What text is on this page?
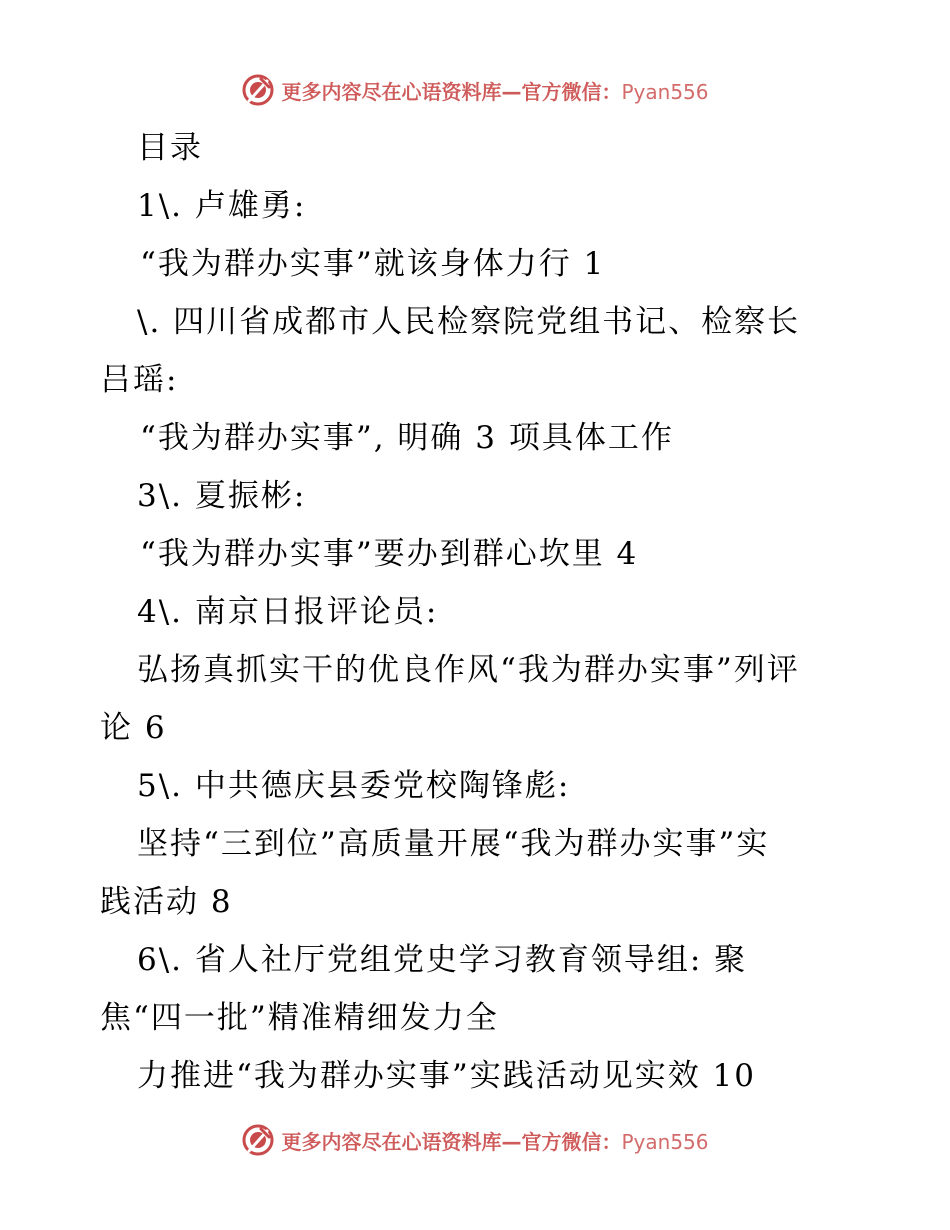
更多内容尽在心语资料库—官方微信：Pyan556
目录
1\. 卢雄勇:
“我为群办实事”就该身体力行 1
\. 四川省成都市人民检察院党组书记、检察长
吕瑶:
“我为群办实事”, 明确 3 项具体工作
3\. 夏振彬:
“我为群办实事”要办到群心坎里 4
4\. 南京日报评论员:
弘扬真抓实干的优良作风“我为群办实事”列评
论 6
5\. 中共德庆县委党校陶锋彪:
坚持“三到位”高质量开展“我为群办实事”实
践活动 8
6\. 省人社厅党组党史学习教育领导组: 聚
焦“四一批”精准精细发力全
力推进“我为群办实事”实践活动见实效 10
更多内容尽在心语资料库—官方微信：Pyan556
